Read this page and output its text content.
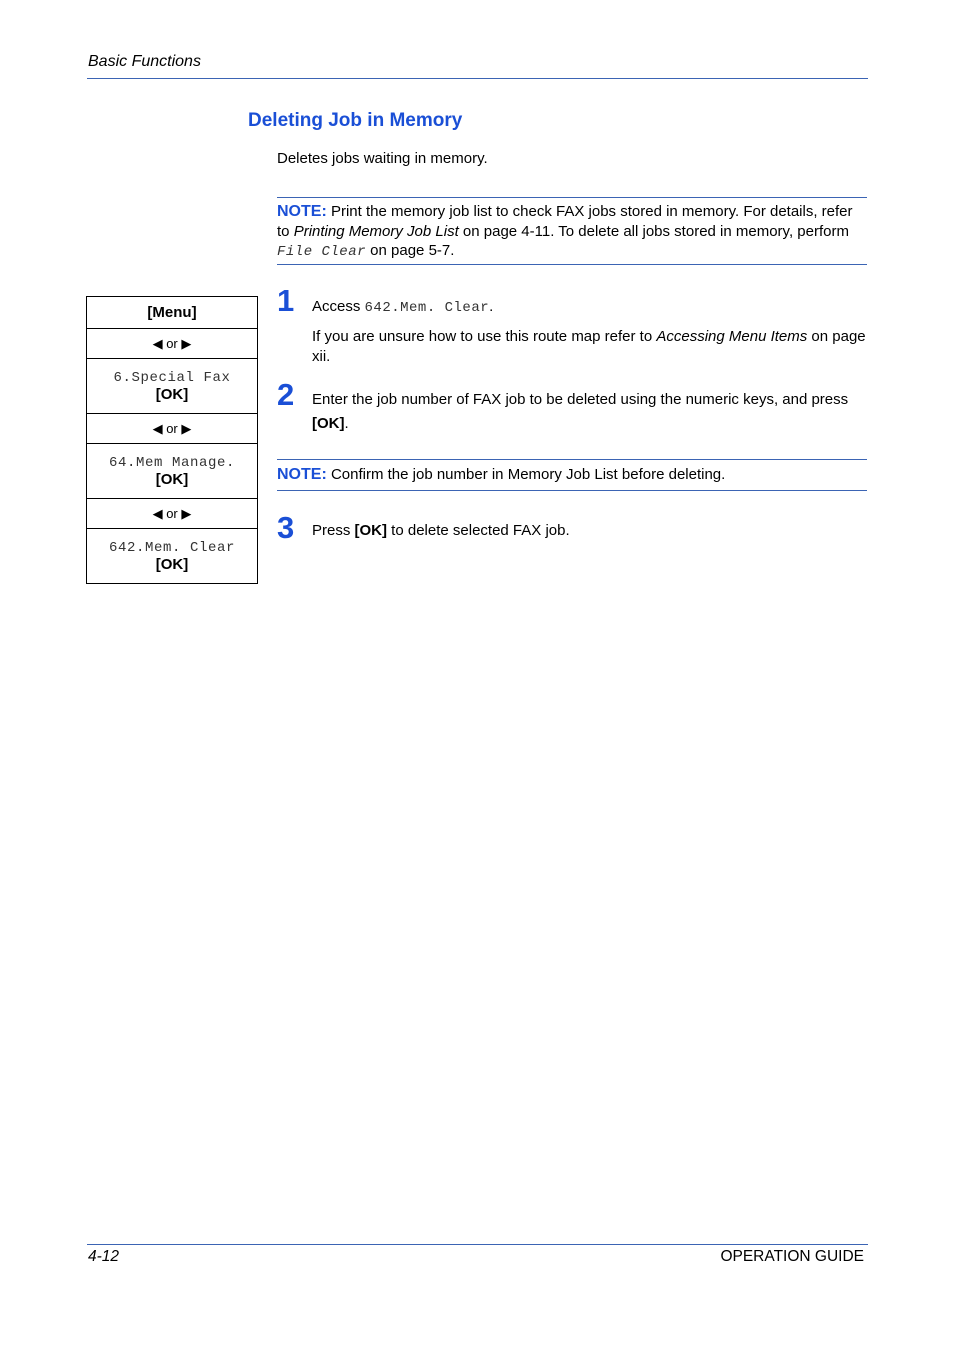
Basic Functions
Deleting Job in Memory
Deletes jobs waiting in memory.
NOTE: Print the memory job list to check FAX jobs stored in memory. For details, refer to Printing Memory Job List on page 4-11. To delete all jobs stored in memory, perform File Clear on page 5-7.
[Menu]
◀ or ▶

6.Special Fax
[OK]

◀ or ▶

64.Mem Manage.
[OK]

◀ or ▶

642.Mem. Clear
[OK]
1 Access 642.Mem. Clear.
If you are unsure how to use this route map refer to Accessing Menu Items on page xii.
2 Enter the job number of FAX job to be deleted using the numeric keys, and press [OK].
NOTE: Confirm the job number in Memory Job List before deleting.
3 Press [OK] to delete selected FAX job.
4-12	OPERATION GUIDE
